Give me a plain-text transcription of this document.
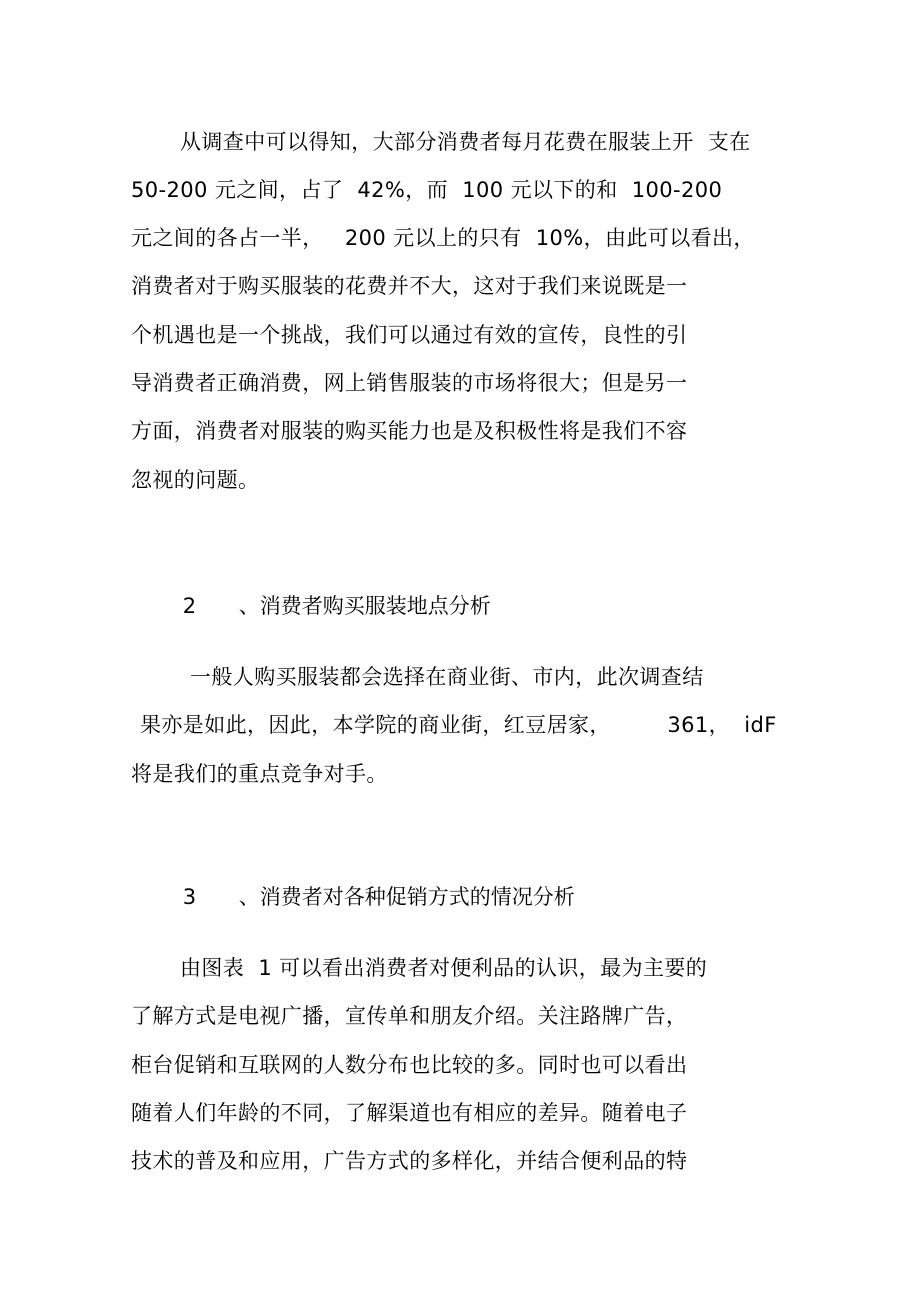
从调查中可以得知，大部分消费者每月花费在服装上开  支在
50-200 元之间，占了  42%，而  100 元以下的和  100-200
元之间的各占一半，   200 元以上的只有  10%，由此可以看出，
消费者对于购买服装的花费并不大，这对于我们来说既是一
个机遇也是一个挑战，我们可以通过有效的宣传，良性的引
导消费者正确消费，网上销售服装的市场将很大；但是另一
方面，消费者对服装的购买能力也是及积极性将是我们不容
忽视的问题。

2 、消费者购买服装地点分析

一般人购买服装都会选择在商业街、市内，此次调查结
果亦是如此，因此，本学院的商业街，红豆居家，        361，  idF
将是我们的重点竞争对手。

3 、消费者对各种促销方式的情况分析

由图表  1 可以看出消费者对便利品的认识，最为主要的
了解方式是电视广播，宣传单和朋友介绍。关注路牌广告，
柜台促销和互联网的人数分布也比较的多。同时也可以看出
随着人们年龄的不同，了解渠道也有相应的差异。随着电子
技术的普及和应用，广告方式的多样化，并结合便利品的特
